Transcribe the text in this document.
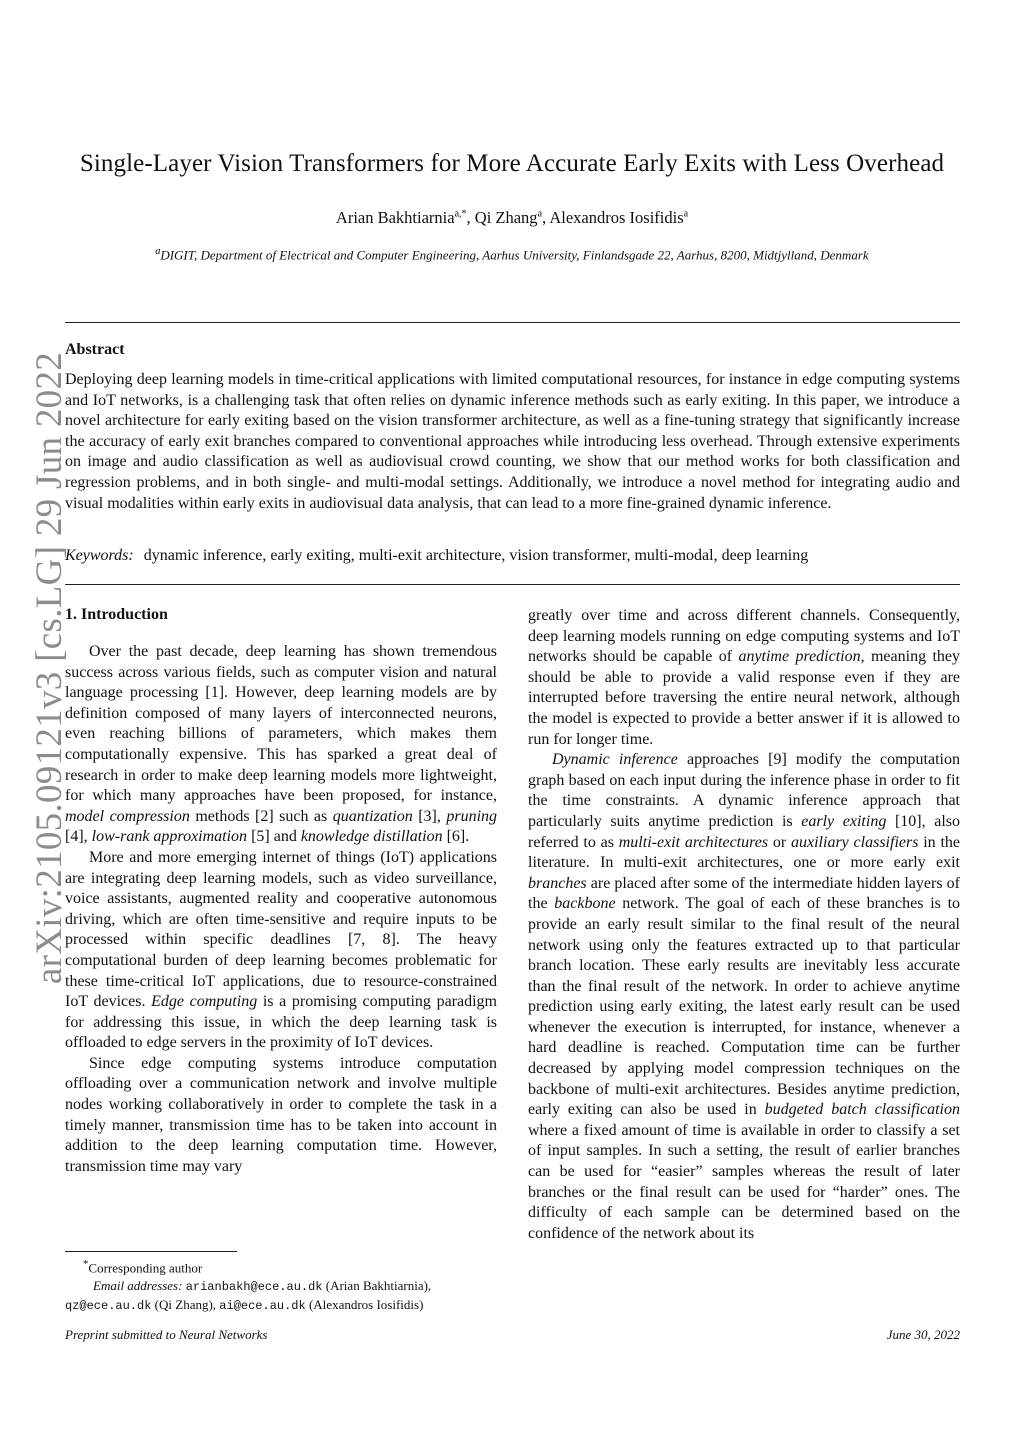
arXiv:2105.09121v3 [cs.LG] 29 Jun 2022
Single-Layer Vision Transformers for More Accurate Early Exits with Less Overhead
Arian Bakhtiarnia$^{a,*}$, Qi Zhang$^a$, Alexandros Iosifidis$^a$
$^a$DIGIT, Department of Electrical and Computer Engineering, Aarhus University, Finlandsgade 22, Aarhus, 8200, Midtjylland, Denmark
Abstract
Deploying deep learning models in time-critical applications with limited computational resources, for instance in edge computing systems and IoT networks, is a challenging task that often relies on dynamic inference methods such as early exiting. In this paper, we introduce a novel architecture for early exiting based on the vision transformer architecture, as well as a fine-tuning strategy that significantly increase the accuracy of early exit branches compared to conventional approaches while introducing less overhead. Through extensive experiments on image and audio classification as well as audiovisual crowd counting, we show that our method works for both classification and regression problems, and in both single- and multi-modal settings. Additionally, we introduce a novel method for integrating audio and visual modalities within early exits in audiovisual data analysis, that can lead to a more fine-grained dynamic inference.
Keywords: dynamic inference, early exiting, multi-exit architecture, vision transformer, multi-modal, deep learning
1. Introduction

Over the past decade, deep learning has shown tremendous success across various fields, such as computer vision and natural language processing [1]. However, deep learning models are by definition composed of many layers of interconnected neurons, even reaching billions of parameters, which makes them computationally expensive. This has sparked a great deal of research in order to make deep learning models more lightweight, for which many approaches have been proposed, for instance, model compression methods [2] such as quantization [3], pruning [4], low-rank approximation [5] and knowledge distillation [6].

More and more emerging internet of things (IoT) applications are integrating deep learning models, such as video surveillance, voice assistants, augmented reality and cooperative autonomous driving, which are often time-sensitive and require inputs to be processed within specific deadlines [7, 8]. The heavy computational burden of deep learning becomes problematic for these time-critical IoT applications, due to resource-constrained IoT devices. Edge computing is a promising computing paradigm for addressing this issue, in which the deep learning task is offloaded to edge servers in the proximity of IoT devices.

Since edge computing systems introduce computation offloading over a communication network and involve multiple nodes working collaboratively in order to complete the task in a timely manner, transmission time has to be taken into account in addition to the deep learning computation time. However, transmission time may vary

greatly over time and across different channels. Consequently, deep learning models running on edge computing systems and IoT networks should be capable of anytime prediction, meaning they should be able to provide a valid response even if they are interrupted before traversing the entire neural network, although the model is expected to provide a better answer if it is allowed to run for longer time.

Dynamic inference approaches [9] modify the computation graph based on each input during the inference phase in order to fit the time constraints. A dynamic inference approach that particularly suits anytime prediction is early exiting [10], also referred to as multi-exit architectures or auxiliary classifiers in the literature. In multi-exit architectures, one or more early exit branches are placed after some of the intermediate hidden layers of the backbone network. The goal of each of these branches is to provide an early result similar to the final result of the neural network using only the features extracted up to that particular branch location. These early results are inevitably less accurate than the final result of the network. In order to achieve anytime prediction using early exiting, the latest early result can be used whenever the execution is interrupted, for instance, whenever a hard deadline is reached. Computation time can be further decreased by applying model compression techniques on the backbone of multi-exit architectures. Besides anytime prediction, early exiting can also be used in budgeted batch classification where a fixed amount of time is available in order to classify a set of input samples. In such a setting, the result of earlier branches can be used for “easier” samples whereas the result of later branches or the final result can be used for “harder” ones. The difficulty of each sample can be determined based on the confidence of the network about its

*Corresponding author
Email addresses: arianbakh@ece.au.dk (Arian Bakhtiarnia),
qz@ece.au.dk (Qi Zhang), ai@ece.au.dk (Alexandros Iosifidis)
Preprint submitted to Neural Networks	June 30, 2022
